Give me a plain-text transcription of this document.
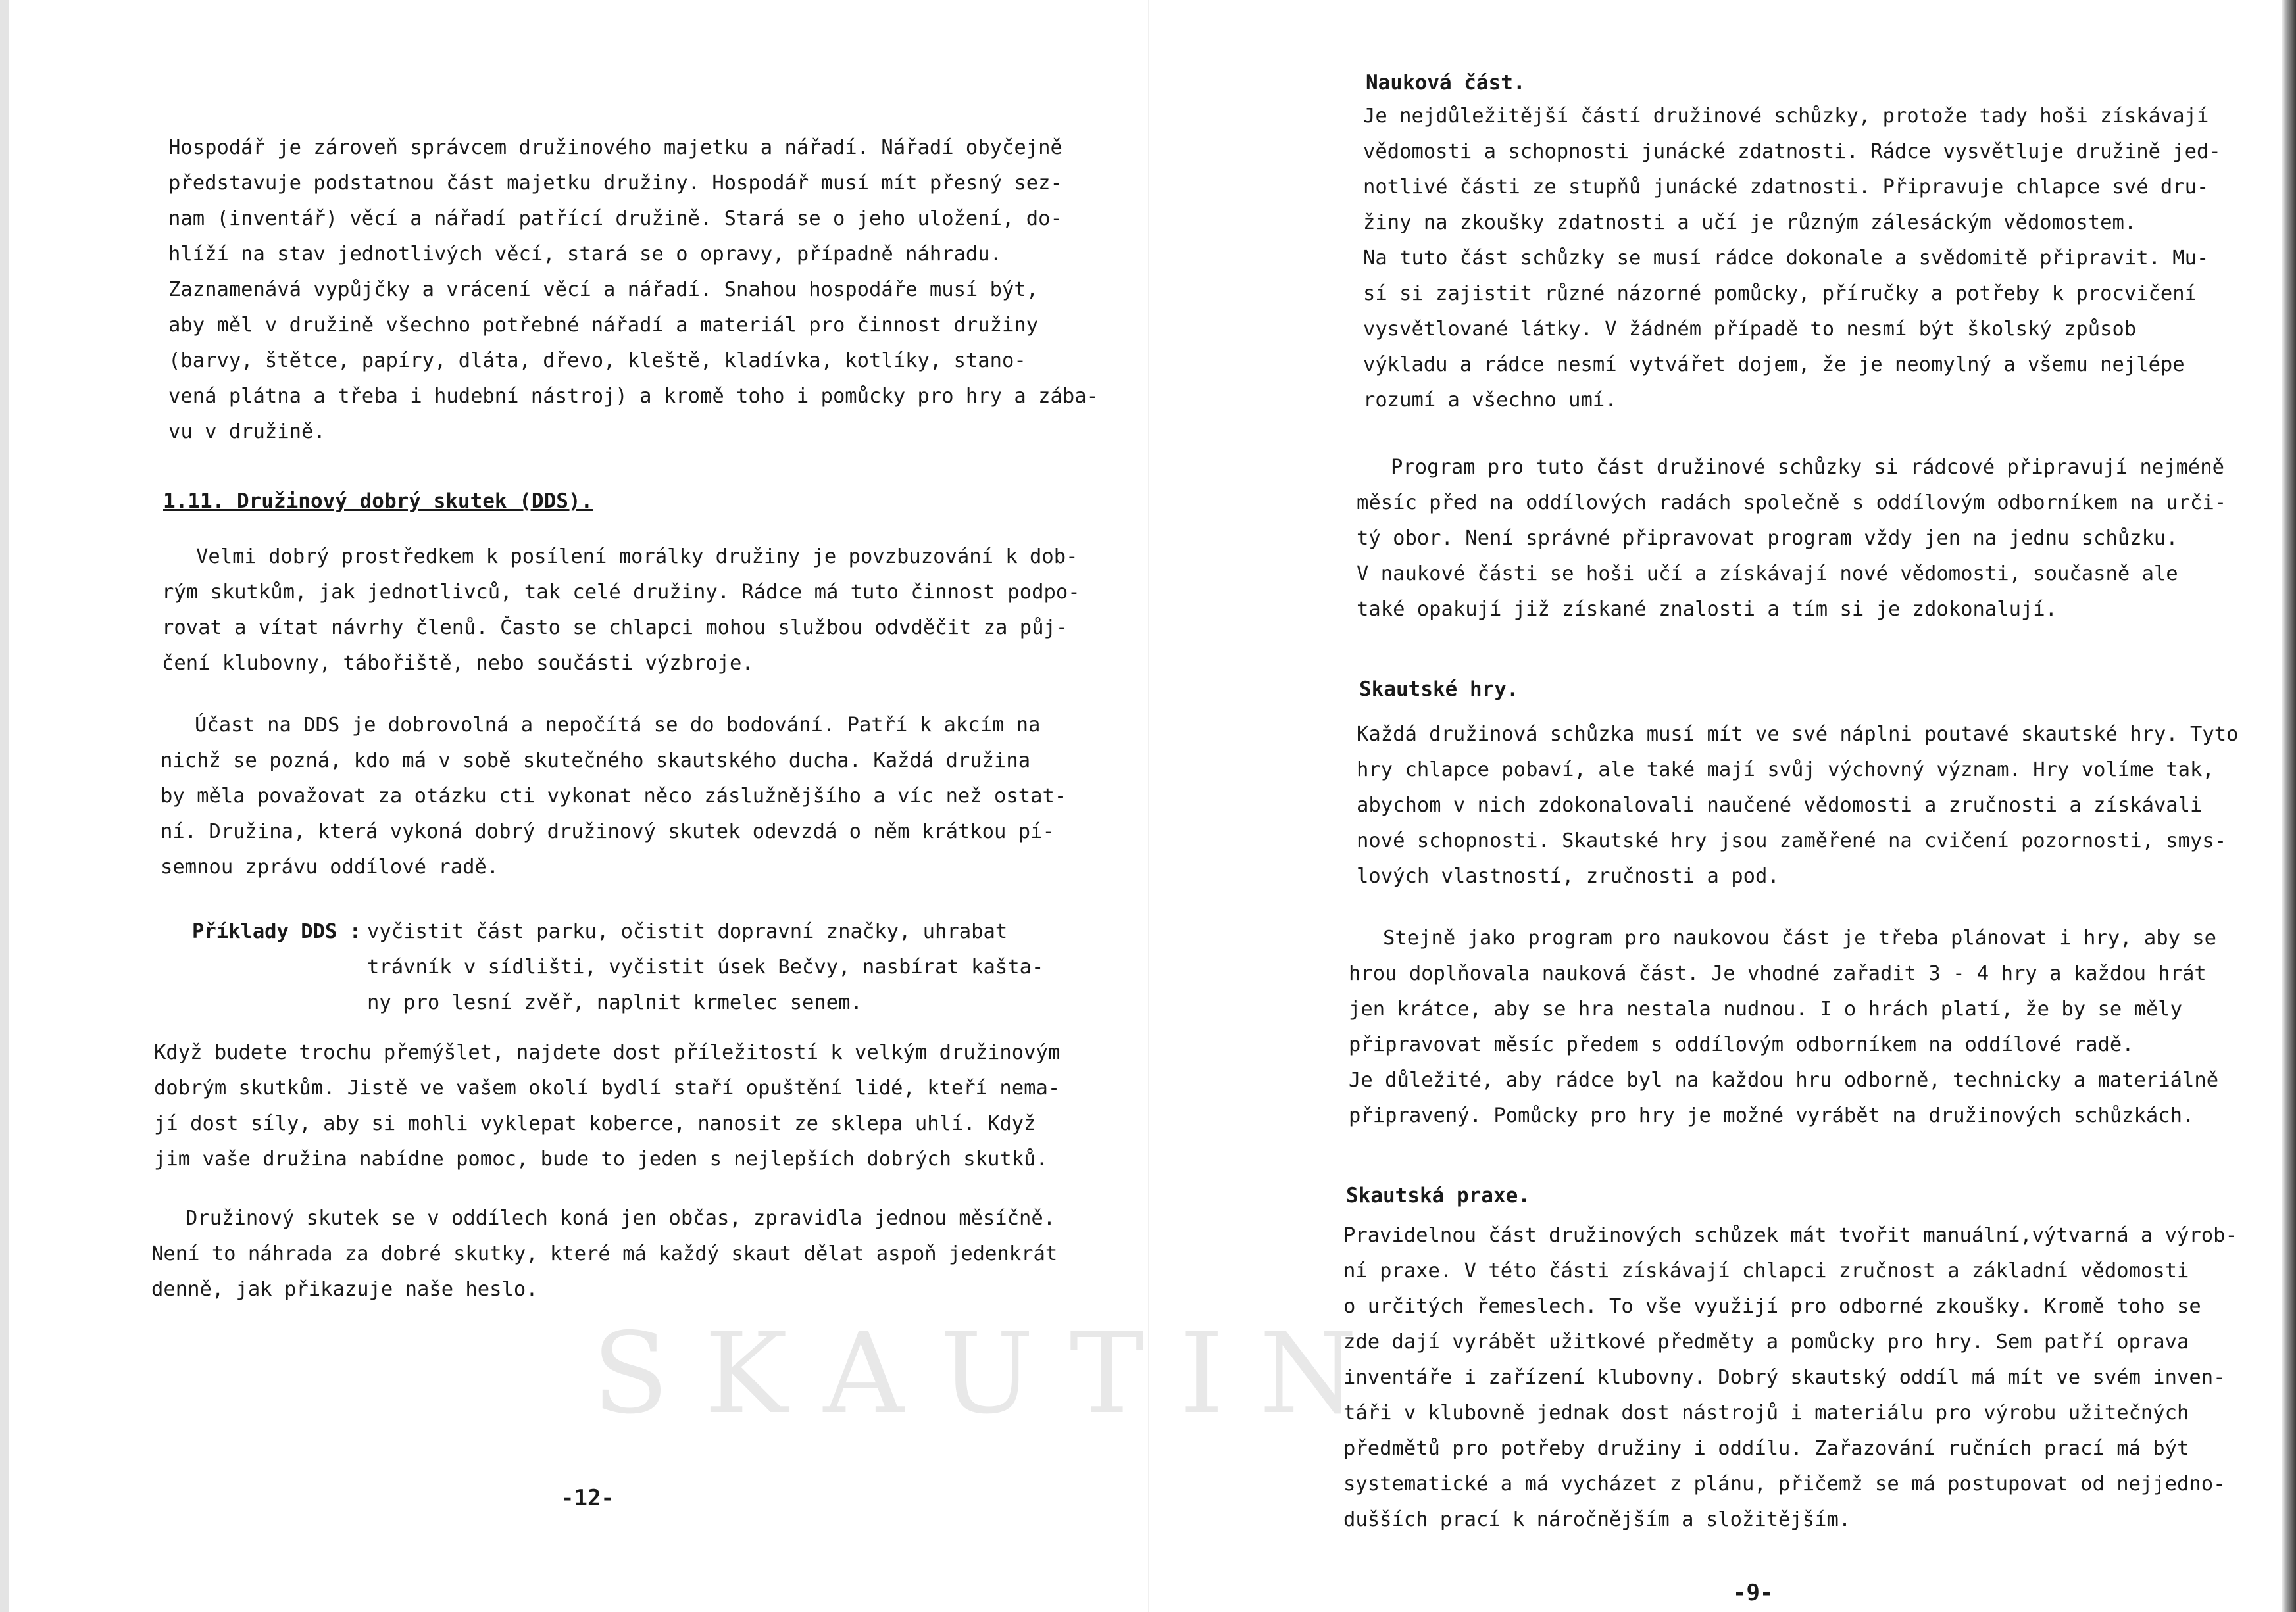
S K A U T I N
Hospodář je zároveň správcem družinového majetku a nářadí. Nářadí obyčejně
představuje podstatnou část majetku družiny. Hospodář musí mít přesný sez-
nam (inventář) věcí a nářadí patřící družině. Stará se o jeho uložení, do-
hlíží na stav jednotlivých věcí, stará se o opravy, případně náhradu.
Zaznamenává vypůjčky a vrácení věcí a nářadí. Snahou hospodáře musí být,
aby měl v družině všechno potřebné nářadí a materiál pro činnost družiny
(barvy, štětce, papíry, dláta, dřevo, kleště, kladívka, kotlíky, stano-
vená plátna a třeba i hudební nástroj) a kromě toho i pomůcky pro hry a zába-
vu v družině.
1.11. Družinový dobrý skutek (DDS).
Velmi dobrý prostředkem k posílení morálky družiny je povzbuzování k dob-
rým skutkům, jak jednotlivců, tak celé družiny. Rádce má tuto činnost podpo-
rovat a vítat návrhy členů. Často se chlapci mohou službou odvděčit za půj-
čení klubovny, tábořiště, nebo součásti výzbroje.
Účast na DDS je dobrovolná a nepočítá se do bodování. Patří k akcím na
nichž se pozná, kdo má v sobě skutečného skautského ducha. Každá družina
by měla považovat za otázku cti vykonat něco záslužnějšího a víc než ostat-
ní. Družina, která vykoná dobrý družinový skutek odevzdá o něm krátkou pí-
semnou zprávu oddílové radě.
Příklady DDS : vyčistit část parku, očistit dopravní značky, uhrabat
trávník v sídlišti, vyčistit úsek Bečvy, nasbírat kašta-
ny pro lesní zvěř, naplnit krmelec senem.
Když budete trochu přemýšlet, najdete dost příležitostí k velkým družinovým
dobrým skutkům. Jistě ve vašem okolí bydlí staří opuštění lidé, kteří nema-
jí dost síly, aby si mohli vyklepat koberce, nanosit ze sklepa uhlí. Když
jim vaše družina nabídne pomoc, bude to jeden s nejlepších dobrých skutků.
Družinový skutek se v oddílech koná jen občas, zpravidla jednou měsíčně.
Není to náhrada za dobré skutky, které má každý skaut dělat aspoň jedenkrát
denně, jak přikazuje naše heslo.
-12-
Nauková část.
Je nejdůležitější částí družinové schůzky, protože tady hoši získávají
vědomosti a schopnosti junácké zdatnosti. Rádce vysvětluje družině jed-
notlivé části ze stupňů junácké zdatnosti. Připravuje chlapce své dru-
žiny na zkoušky zdatnosti a učí je různým zálesáckým vědomostem.
Na tuto část schůzky se musí rádce dokonale a svědomitě připravit. Mu-
sí si zajistit různé názorné pomůcky, příručky a potřeby k procvičení
vysvětlované látky. V žádném případě to nesmí být školský způsob
výkladu a rádce nesmí vytvářet dojem, že je neomylný a všemu nejlépe
rozumí a všechno umí.
Program pro tuto část družinové schůzky si rádcové připravují nejméně
měsíc před na oddílových radách společně s oddílovým odborníkem na urči-
tý obor. Není správné připravovat program vždy jen na jednu schůzku.
V naukové části se hoši učí a získávají nové vědomosti, současně ale
také opakují již získané znalosti a tím si je zdokonalují.
Skautské hry.
Každá družinová schůzka musí mít ve své náplni poutavé skautské hry. Tyto
hry chlapce pobaví, ale také mají svůj výchovný význam. Hry volíme tak,
abychom v nich zdokonalovali naučené vědomosti a zručnosti a získávali
nové schopnosti. Skautské hry jsou zaměřené na cvičení pozornosti, smys-
lových vlastností, zručnosti a pod.
Stejně jako program pro naukovou část je třeba plánovat i hry, aby se
hrou doplňovala nauková část. Je vhodné zařadit 3 - 4 hry a každou hrát
jen krátce, aby se hra nestala nudnou. I o hrách platí, že by se měly
připravovat měsíc předem s oddílovým odborníkem na oddílové radě.
Je důležité, aby rádce byl na každou hru odborně, technicky a materiálně
připravený. Pomůcky pro hry je možné vyrábět na družinových schůzkách.
Skautská praxe.
Pravidelnou část družinových schůzek mát tvořit manuální,výtvarná a výrob-
ní praxe. V této části získávají chlapci zručnost a základní vědomosti
o určitých řemeslech. To vše využijí pro odborné zkoušky. Kromě toho se
zde dají vyrábět užitkové předměty a pomůcky pro hry. Sem patří oprava
inventáře i zařízení klubovny. Dobrý skautský oddíl má mít ve svém inven-
táři v klubovně jednak dost nástrojů i materiálu pro výrobu užitečných
předmětů pro potřeby družiny i oddílu. Zařazování ručních prací má být
systematické a má vycházet z plánu, přičemž se má postupovat od nejjedno-
dušších prací k náročnějším a složitějším.
-9-
